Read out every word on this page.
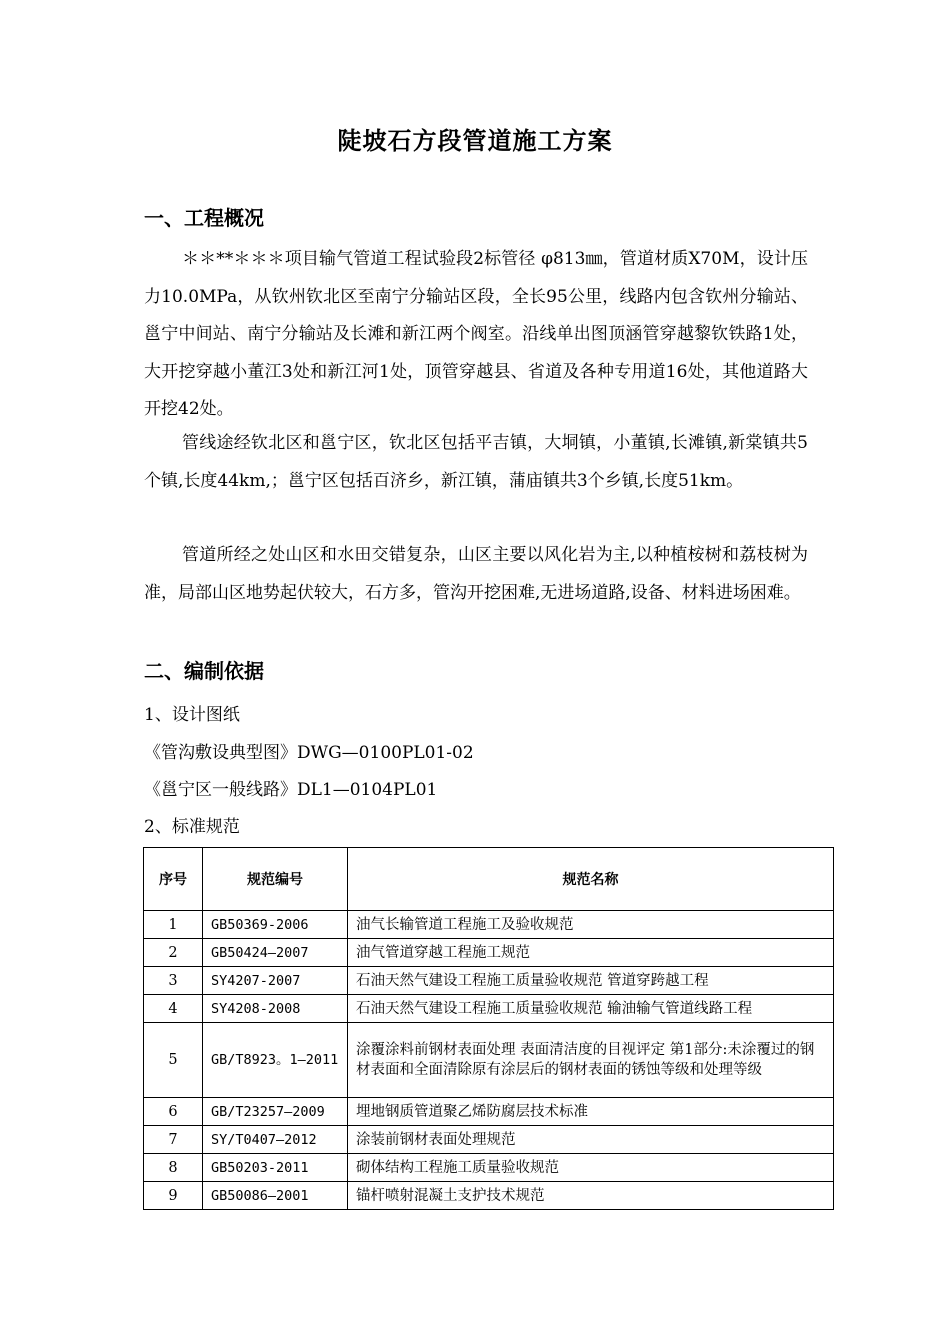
陡坡石方段管道施工方案
一、工程概况
＊＊**＊＊＊项目输气管道工程试验段2标管径 φ813㎜，管道材质X70M，设计压力10.0MPa，从钦州钦北区至南宁分输站区段，全长95公里，线路内包含钦州分输站、邕宁中间站、南宁分输站及长滩和新江两个阀室。沿线单出图顶涵管穿越黎钦铁路1处，大开挖穿越小董江3处和新江河1处，顶管穿越县、省道及各种专用道16处，其他道路大开挖42处。
管线途经钦北区和邕宁区，钦北区包括平吉镇，大垌镇，小董镇,长滩镇,新棠镇共5个镇,长度44km,；邕宁区包括百济乡，新江镇，蒲庙镇共3个乡镇,长度51km。
管道所经之处山区和水田交错复杂，山区主要以风化岩为主,以种植桉树和荔枝树为准，局部山区地势起伏较大，石方多，管沟开挖困难,无进场道路,设备、材料进场困难。
二、编制依据
1、设计图纸
《管沟敷设典型图》DWG—0100PL01-02
《邕宁区一般线路》DL1—0104PL01
2、标准规范
序号	规范编号	规范名称
1	GB50369-2006	油气长输管道工程施工及验收规范
2	GB50424—2007	油气管道穿越工程施工规范
3	SY4207-2007	石油天然气建设工程施工质量验收规范 管道穿跨越工程
4	SY4208-2008	石油天然气建设工程施工质量验收规范 输油输气管道线路工程
5	GB/T8923。1—2011	涂覆涂料前钢材表面处理 表面清洁度的目视评定 第1部分:未涂覆过的钢材表面和全面清除原有涂层后的钢材表面的锈蚀等级和处理等级
6	GB/T23257—2009	埋地钢质管道聚乙烯防腐层技术标准
7	SY/T0407—2012	涂装前钢材表面处理规范
8	GB50203-2011	砌体结构工程施工质量验收规范
9	GB50086—2001	锚杆喷射混凝土支护技术规范
